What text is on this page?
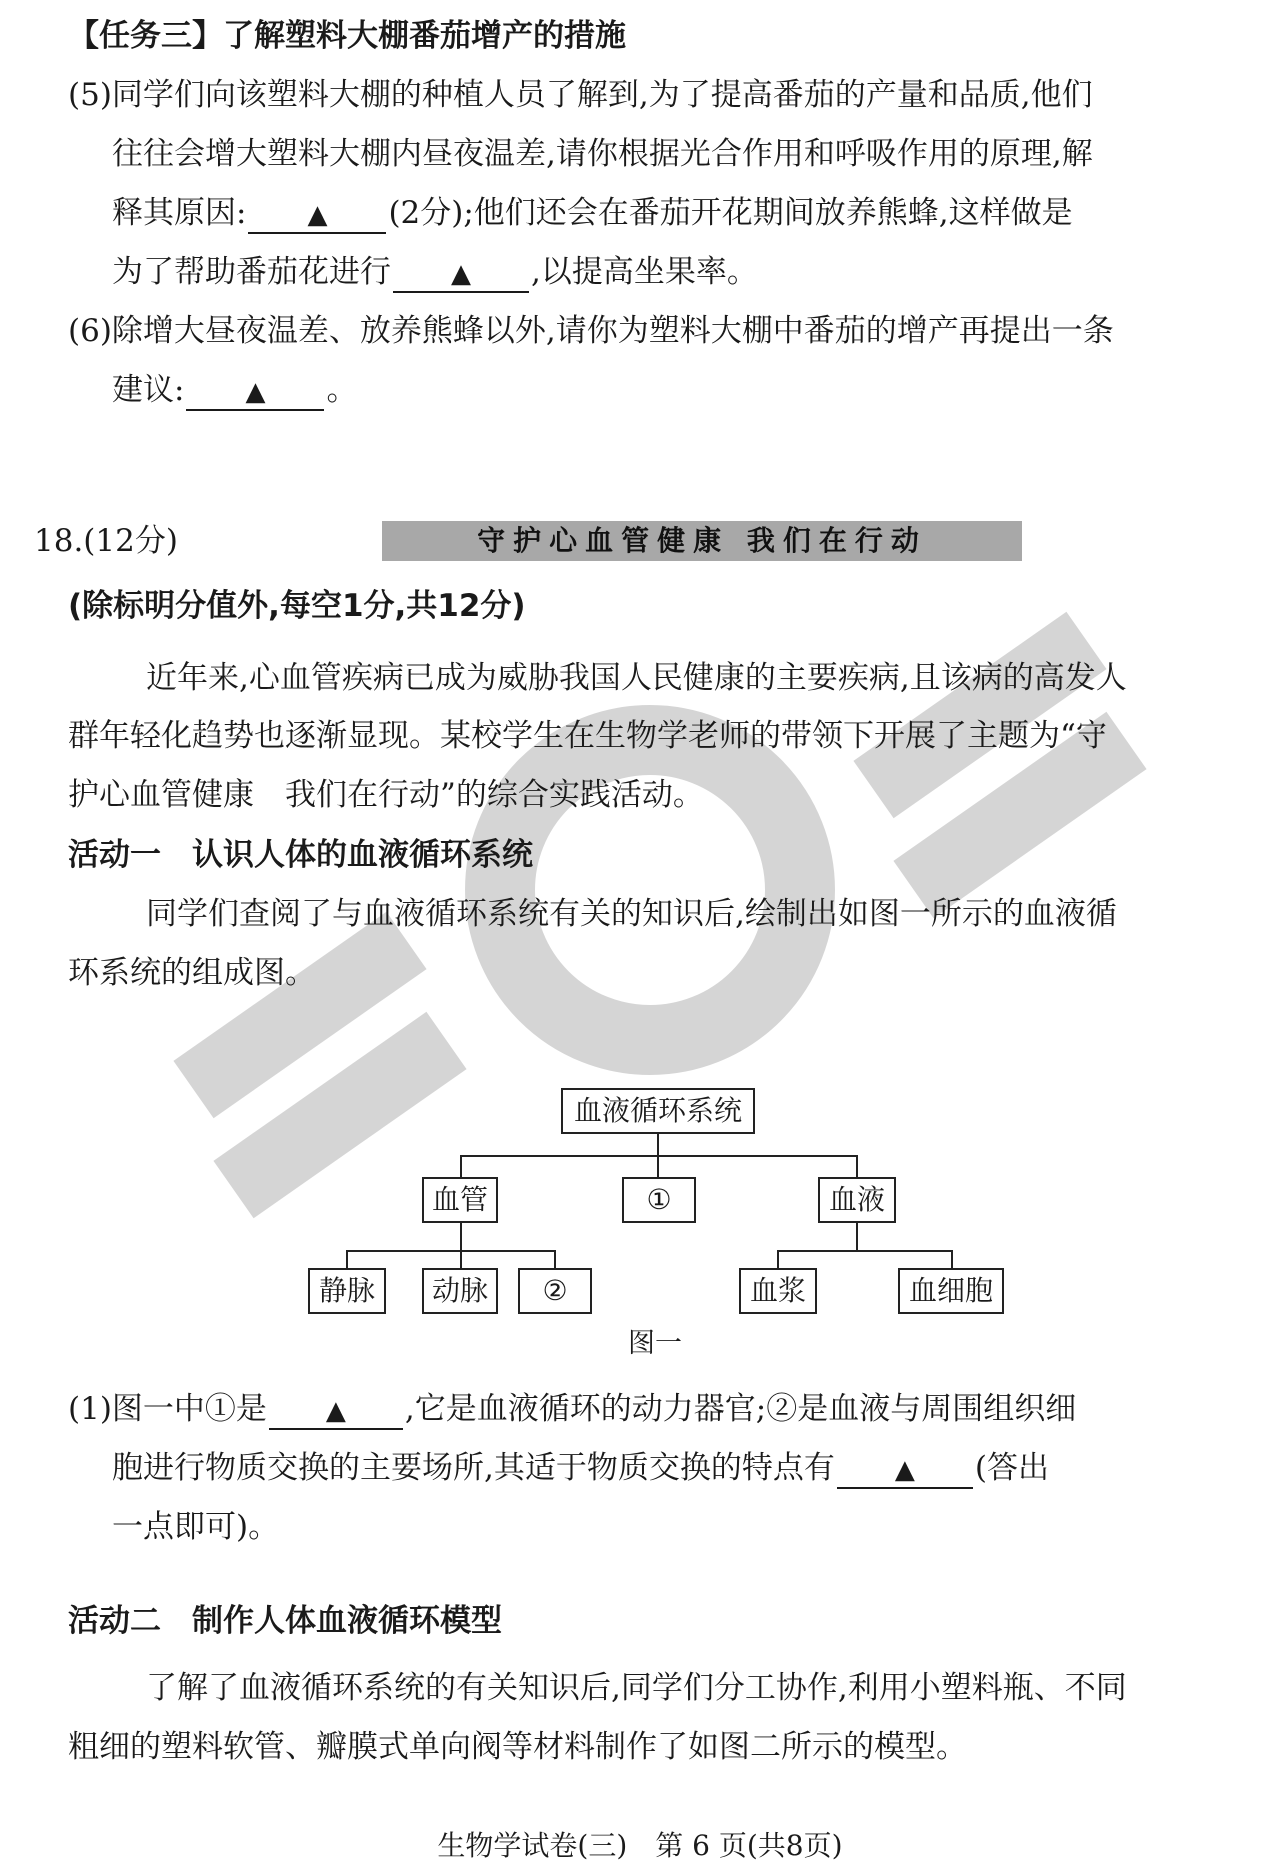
【任务三】了解塑料大棚番茄增产的措施
(5)同学们向该塑料大棚的种植人员了解到,为了提高番茄的产量和品质,他们
往往会增大塑料大棚内昼夜温差,请你根据光合作用和呼吸作用的原理,解
释其原因: ▲ (2分);他们还会在番茄开花期间放养熊蜂,这样做是
为了帮助番茄花进行 ▲ ,以提高坐果率。
(6)除增大昼夜温差、放养熊蜂以外,请你为塑料大棚中番茄的增产再提出一条
建议: ▲ 。
18.(12分)	守护心血管健康 我们在行动
(除标明分值外,每空1分,共12分)
近年来,心血管疾病已成为威胁我国人民健康的主要疾病,且该病的高发人
群年轻化趋势也逐渐显现。某校学生在生物学老师的带领下开展了主题为“守
护心血管健康　我们在行动”的综合实践活动。
活动一　认识人体的血液循环系统
同学们查阅了与血液循环系统有关的知识后,绘制出如图一所示的血液循
环系统的组成图。
血液循环系统
血管	①	血液
静脉	动脉	②	血浆	血细胞
图一
(1)图一中①是 ▲ ,它是血液循环的动力器官;②是血液与周围组织细
胞进行物质交换的主要场所,其适于物质交换的特点有 ▲ (答出
一点即可)。
活动二　制作人体血液循环模型
了解了血液循环系统的有关知识后,同学们分工协作,利用小塑料瓶、不同
粗细的塑料软管、瓣膜式单向阀等材料制作了如图二所示的模型。
生物学试卷(三)　第 6 页(共8页)
